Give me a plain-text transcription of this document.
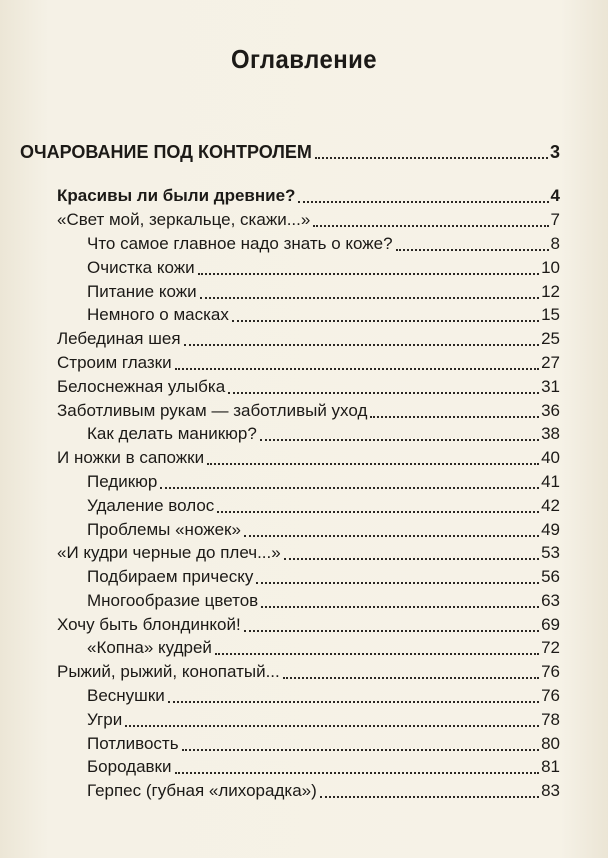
Оглавление
ОЧАРОВАНИЕ ПОД КОНТРОЛЕМ	3
Красивы ли были древние?	4
«Свет мой, зеркальце, скажи...»	7
Что самое главное надо знать о коже?	8
Очистка кожи	10
Питание кожи	12
Немного о масках	15
Лебединая шея	25
Строим глазки	27
Белоснежная улыбка	31
Заботливым рукам — заботливый уход	36
Как делать маникюр?	38
И ножки в сапожки	40
Педикюр	41
Удаление волос	42
Проблемы «ножек»	49
«И кудри черные до плеч...»	53
Подбираем прическу	56
Многообразие цветов	63
Хочу быть блондинкой!	69
«Копна» кудрей	72
Рыжий, рыжий, конопатый...	76
Веснушки	76
Угри	78
Потливость	80
Бородавки	81
Герпес (губная «лихорадка»)	83
